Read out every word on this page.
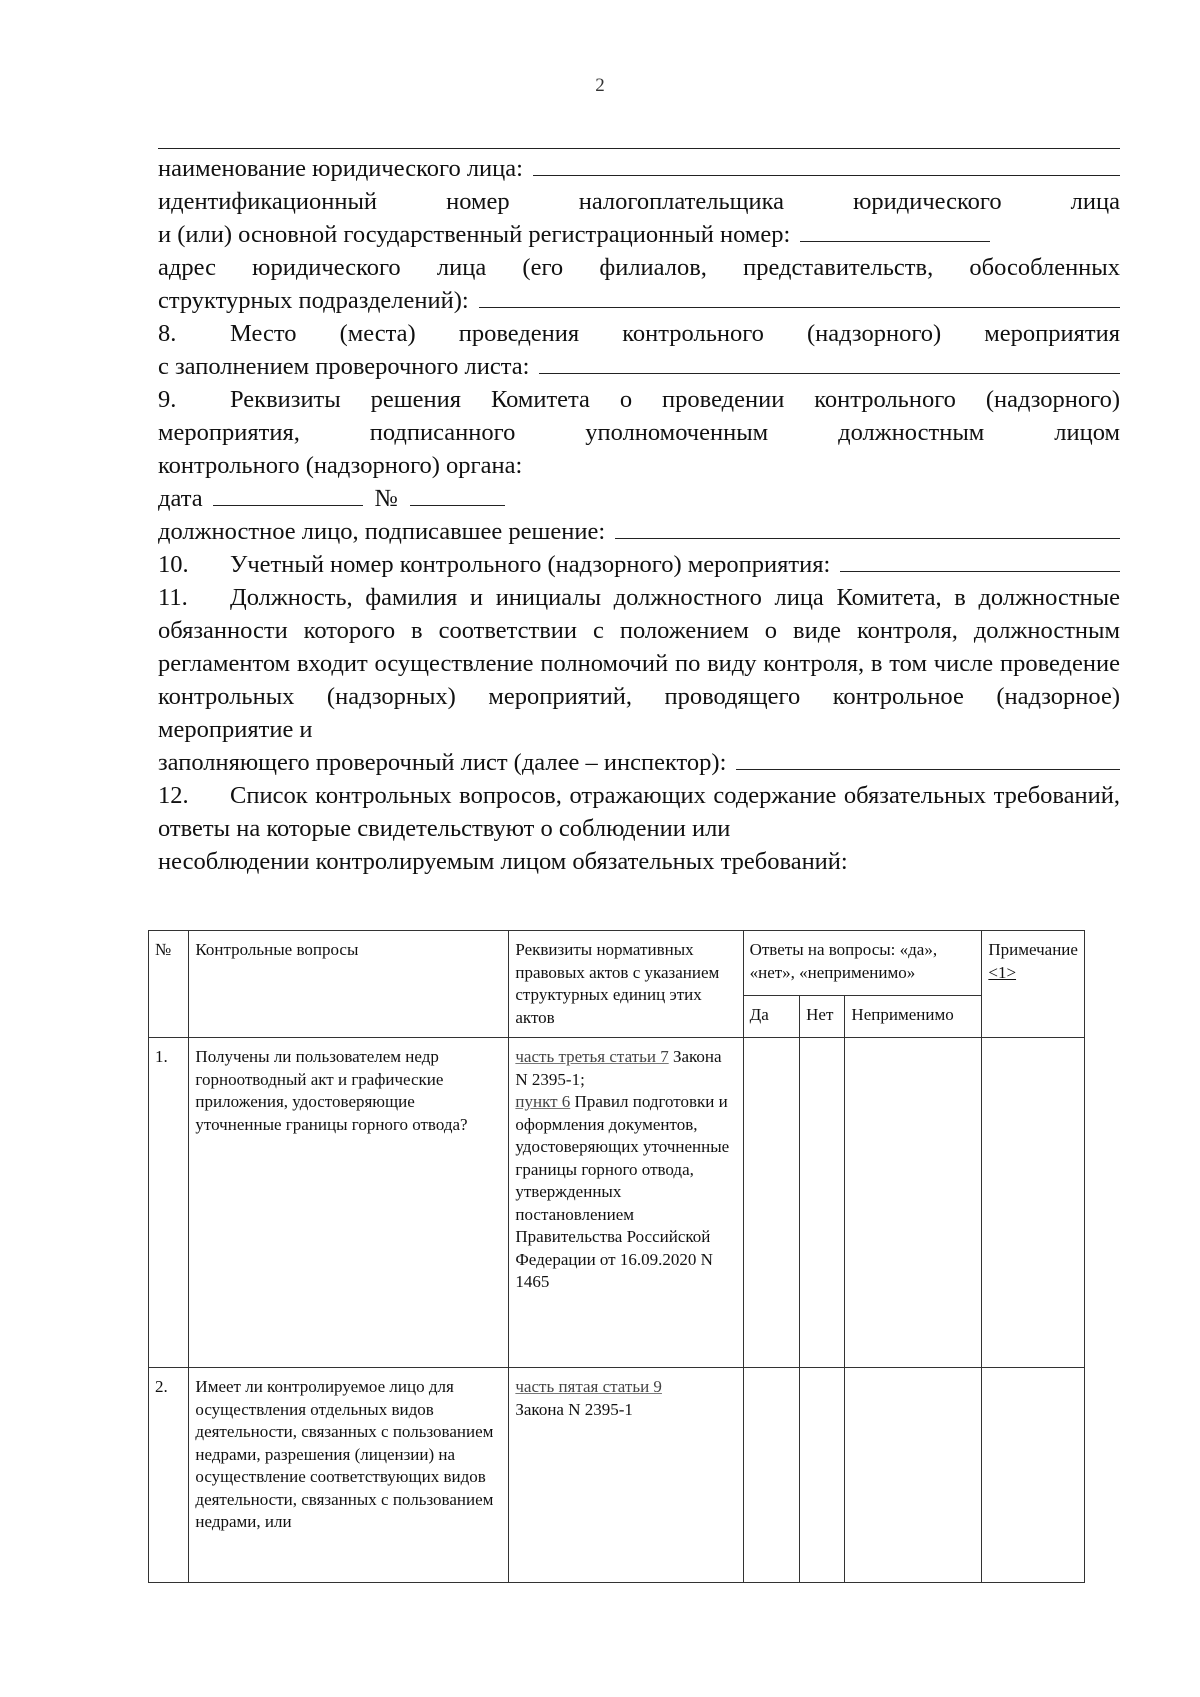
2
наименование юридического лица:
идентификационный	номер	налогоплательщика	юридического	лица
и (или) основной государственный регистрационный номер:
адрес юридического лица (его филиалов, представительств, обособленных
структурных подразделений):
8.	Место (места) проведения контрольного (надзорного) мероприятия
с заполнением проверочного листа:
9.	Реквизиты решения Комитета о проведении контрольного (надзорного)
мероприятия, подписанного уполномоченным должностным лицом
контрольного (надзорного) органа:
дата	№
должностное лицо, подписавшее решение:
10.	Учетный номер контрольного (надзорного) мероприятия:
11. Должность, фамилия и инициалы должностного лица Комитета, в должностные обязанности которого в соответствии с положением о виде контроля, должностным регламентом входит осуществление полномочий по виду контроля, в том числе проведение контрольных (надзорных) мероприятий, проводящего контрольное (надзорное) мероприятие и
заполняющего проверочный лист (далее – инспектор):
12. Список контрольных вопросов, отражающих содержание обязательных требований, ответы на которые свидетельствуют о соблюдении или
несоблюдении контролируемым лицом обязательных требований:
№	Контрольные вопросы	Реквизиты нормативных правовых актов с указанием структурных единиц этих актов	Ответы на вопросы: «да», «нет», «неприменимо»			Примечание
<1>
			Да	Нет	Неприменимо	
1.	Получены ли пользователем недр горноотводный акт и графические приложения, удостоверяющие уточненные границы горного отвода?	часть третья статьи 7 Закона N 2395-1;
пункт 6 Правил подготовки и оформления документов, удостоверяющих уточненные границы горного отвода, утвержденных постановлением Правительства Российской Федерации от 16.09.2020 N 1465				
2.	Имеет ли контролируемое лицо для осуществления отдельных видов деятельности, связанных с пользованием недрами, разрешения (лицензии) на осуществление соответствующих видов деятельности, связанных с пользованием недрами, или	часть пятая статьи 9
Закона N 2395-1				
